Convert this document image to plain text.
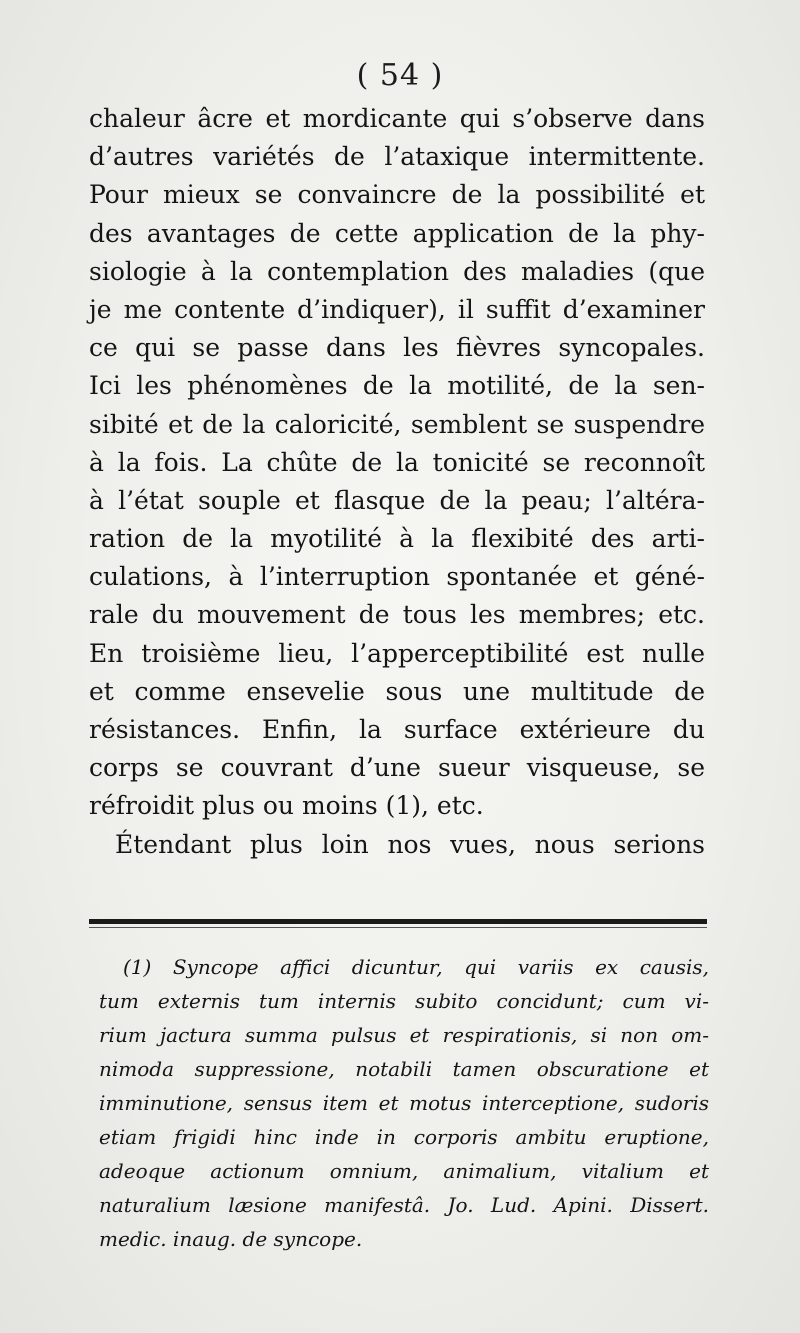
( 54 )
chaleur âcre et mordicante qui s’observe dans
d’autres variétés de l’ataxique intermittente.
Pour mieux se convaincre de la possibilité et
des avantages de cette application de la phy-
siologie à la contemplation des maladies (que
je me contente d’indiquer), il suffit d’examiner
ce qui se passe dans les fièvres syncopales.
Ici les phénomènes de la motilité, de la sen-
sibité et de la caloricité, semblent se suspendre
à la fois. La chûte de la tonicité se reconnoît
à l’état souple et flasque de la peau; l’altéra-
ration de la myotilité à la flexibité des arti-
culations, à l’interruption spontanée et géné-
rale du mouvement de tous les membres; etc.
En troisième lieu, l’apperceptibilité est nulle
et comme ensevelie sous une multitude de
résistances. Enfin, la surface extérieure du
corps se couvrant d’une sueur visqueuse, se
réfroidit plus ou moins (1), etc.
Étendant plus loin nos vues, nous serions
(1) Syncope affici dicuntur, qui variis ex causis,
tum externis tum internis subito concidunt; cum vi-
rium jactura summa pulsus et respirationis, si non om-
nimoda suppressione, notabili tamen obscuratione et
imminutione, sensus item et motus interceptione, sudoris
etiam frigidi hinc inde in corporis ambitu eruptione,
adeoque actionum omnium, animalium, vitalium et
naturalium læsione manifestâ. Jo. Lud. Apini. Dissert.
medic. inaug. de syncope.
